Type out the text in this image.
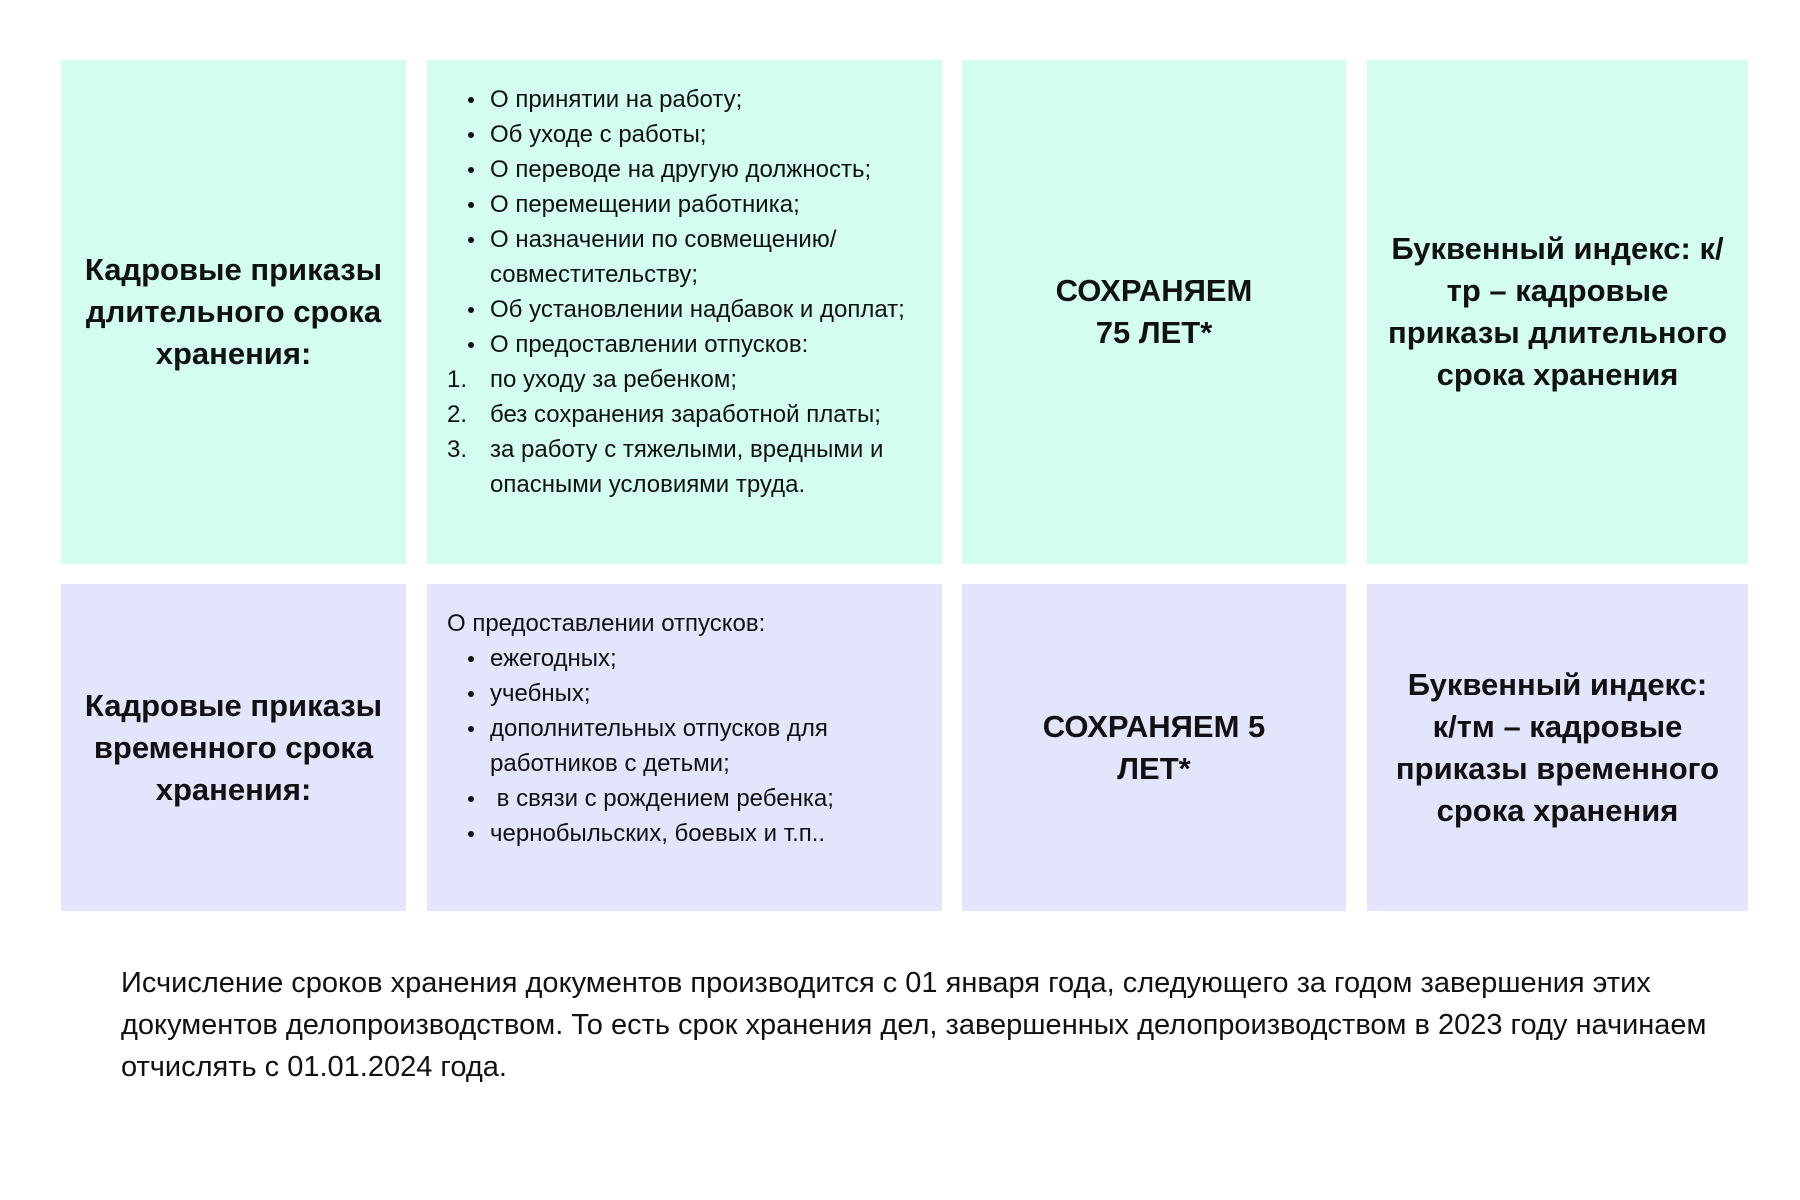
Кадровые приказы длительного срока хранения:
О принятии на работу;
Об уходе с работы;
О переводе на другую должность;
О перемещении работника;
О назначении по совмещению/ совместительству;
Об установлении надбавок и доплат;
О предоставлении отпусков:
1. по уходу за ребенком;
2. без сохранения заработной платы;
3. за работу с тяжелыми, вредными и опасными условиями труда.
СОХРАНЯЕМ 75 ЛЕТ*
Буквенный индекс: к/тр – кадровые приказы длительного срока хранения
Кадровые приказы временного срока хранения:
О предоставлении отпусков:
ежегодных;
учебных;
дополнительных отпусков для работников с детьми;
в связи с рождением ребенка;
чернобыльских, боевых и т.п..
СОХРАНЯЕМ 5 ЛЕТ*
Буквенный индекс: к/тм – кадровые приказы временного срока хранения
Исчисление сроков хранения документов производится с 01 января года, следующего за годом завершения этих документов делопроизводством. То есть срок хранения дел, завершенных делопроизводством в 2023 году начинаем отчислять с 01.01.2024 года.
